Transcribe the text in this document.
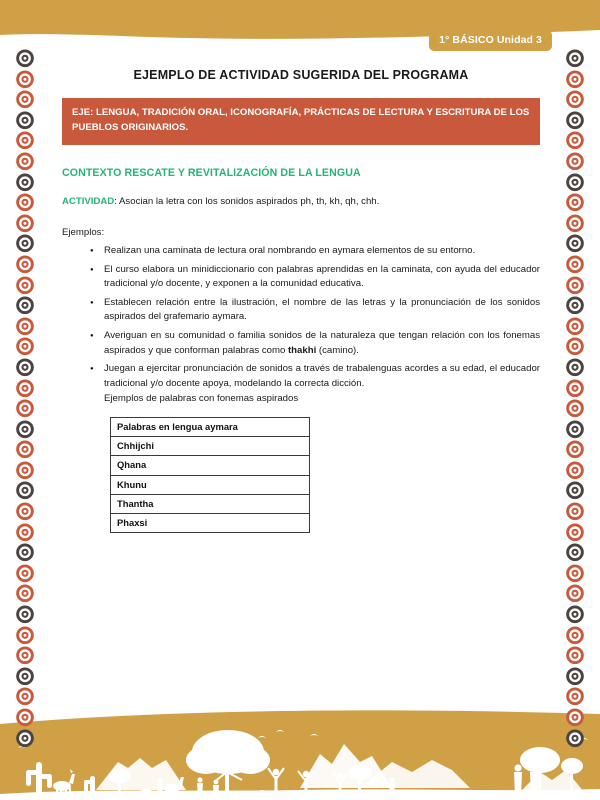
1° BÁSICO Unidad 3
EJEMPLO DE ACTIVIDAD SUGERIDA DEL PROGRAMA
EJE: LENGUA, TRADICIÓN ORAL, ICONOGRAFÍA, PRÁCTICAS DE LECTURA Y ESCRITURA DE LOS PUEBLOS ORIGINARIOS.
CONTEXTO RESCATE Y REVITALIZACIÓN DE LA LENGUA
ACTIVIDAD: Asocian la letra con los sonidos aspirados ph, th, kh, qh, chh.
Ejemplos:
● Realizan una caminata de lectura oral nombrando en aymara elementos de su entorno.
● El curso elabora un minidiccionario con palabras aprendidas en la caminata, con ayuda del educador tradicional y/o docente, y exponen a la comunidad educativa.
● Establecen relación entre la ilustración, el nombre de las letras y la pronunciación de los sonidos aspirados del grafemario aymara.
● Averiguan en su comunidad o familia sonidos de la naturaleza que tengan relación con los fonemas aspirados y que conforman palabras como thakhi (camino).
● Juegan a ejercitar pronunciación de sonidos a través de trabalenguas acordes a su edad, el educador tradicional y/o docente apoya, modelando la correcta dicción.
Ejemplos de palabras con fonemas aspirados
Palabras en lengua aymara
Chhijchi
Qhana
Khunu
Thantha
Phaxsi
